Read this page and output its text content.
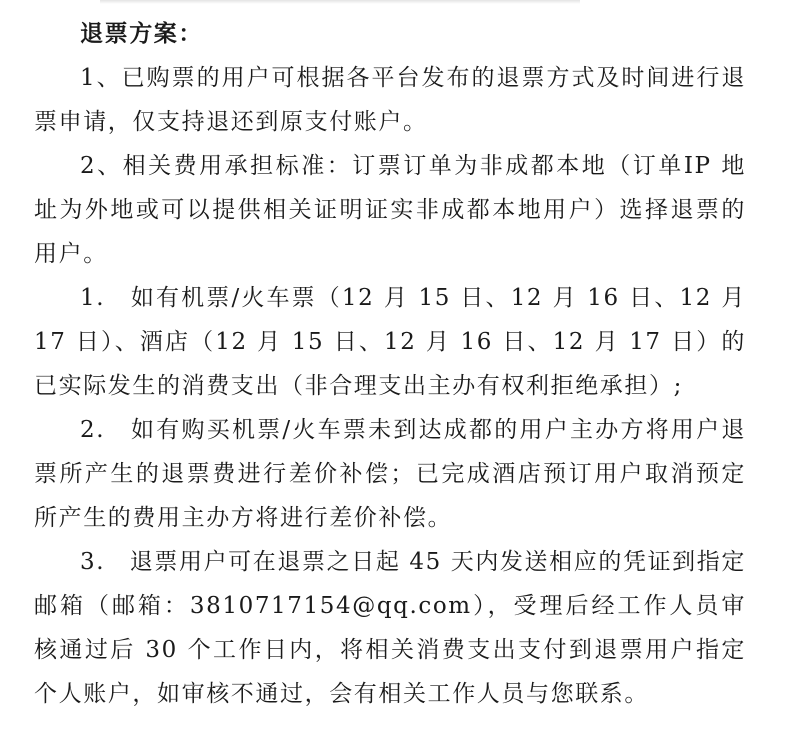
退票方案：

1、已购票的用户可根据各平台发布的退票方式及时间进行退票申请，仅支持退还到原支付账户。

2、相关费用承担标准：订票订单为非成都本地（订单IP 地址为外地或可以提供相关证明证实非成都本地用户）选择退票的用户。

1.　如有机票/火车票（12 月 15 日、12 月 16 日、12 月 17 日）、酒店（12 月 15 日、12 月 16 日、12 月 17 日）的已实际发生的消费支出（非合理支出主办有权利拒绝承担）;

2.　如有购买机票/火车票未到达成都的用户主办方将用户退票所产生的退票费进行差价补偿；已完成酒店预订用户取消预定所产生的费用主办方将进行差价补偿。

3.　退票用户可在退票之日起 45 天内发送相应的凭证到指定邮箱（邮箱：3810717154@qq.com），受理后经工作人员审核通过后 30 个工作日内，将相关消费支出支付到退票用户指定个人账户，如审核不通过，会有相关工作人员与您联系。
